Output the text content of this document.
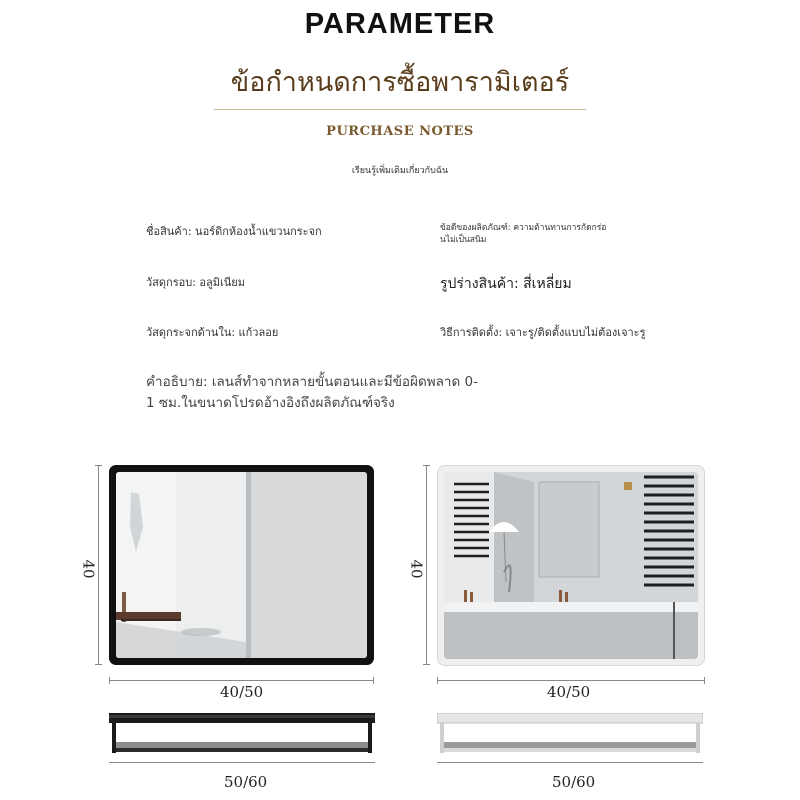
PARAMETER
ข้อกำหนดการซื้อพารามิเตอร์
PURCHASE NOTES
เรียนรู้เพิ่มเติมเกี่ยวกับฉัน
ชื่อสินค้า: นอร์ดิกห้องน้ำแขวนกระจก	ข้อดีของผลิตภัณฑ์: ความต้านทานการกัดกร่อ
นไม่เป็นสนิม
วัสดุกรอบ: อลูมิเนียม	รูปร่างสินค้า: สี่เหลี่ยม
วัสดุกระจกด้านใน: แก้วลอย	วิธีการติดตั้ง: เจาะรู/ติดตั้งแบบไม่ต้องเจาะรู
คำอธิบาย: เลนส์ทำจากหลายขั้นตอนและมีข้อผิดพลาด 0-
1 ซม.ในขนาดโปรดอ้างอิงถึงผลิตภัณฑ์จริง
40
40/50
40
40/50
50/60	50/60
